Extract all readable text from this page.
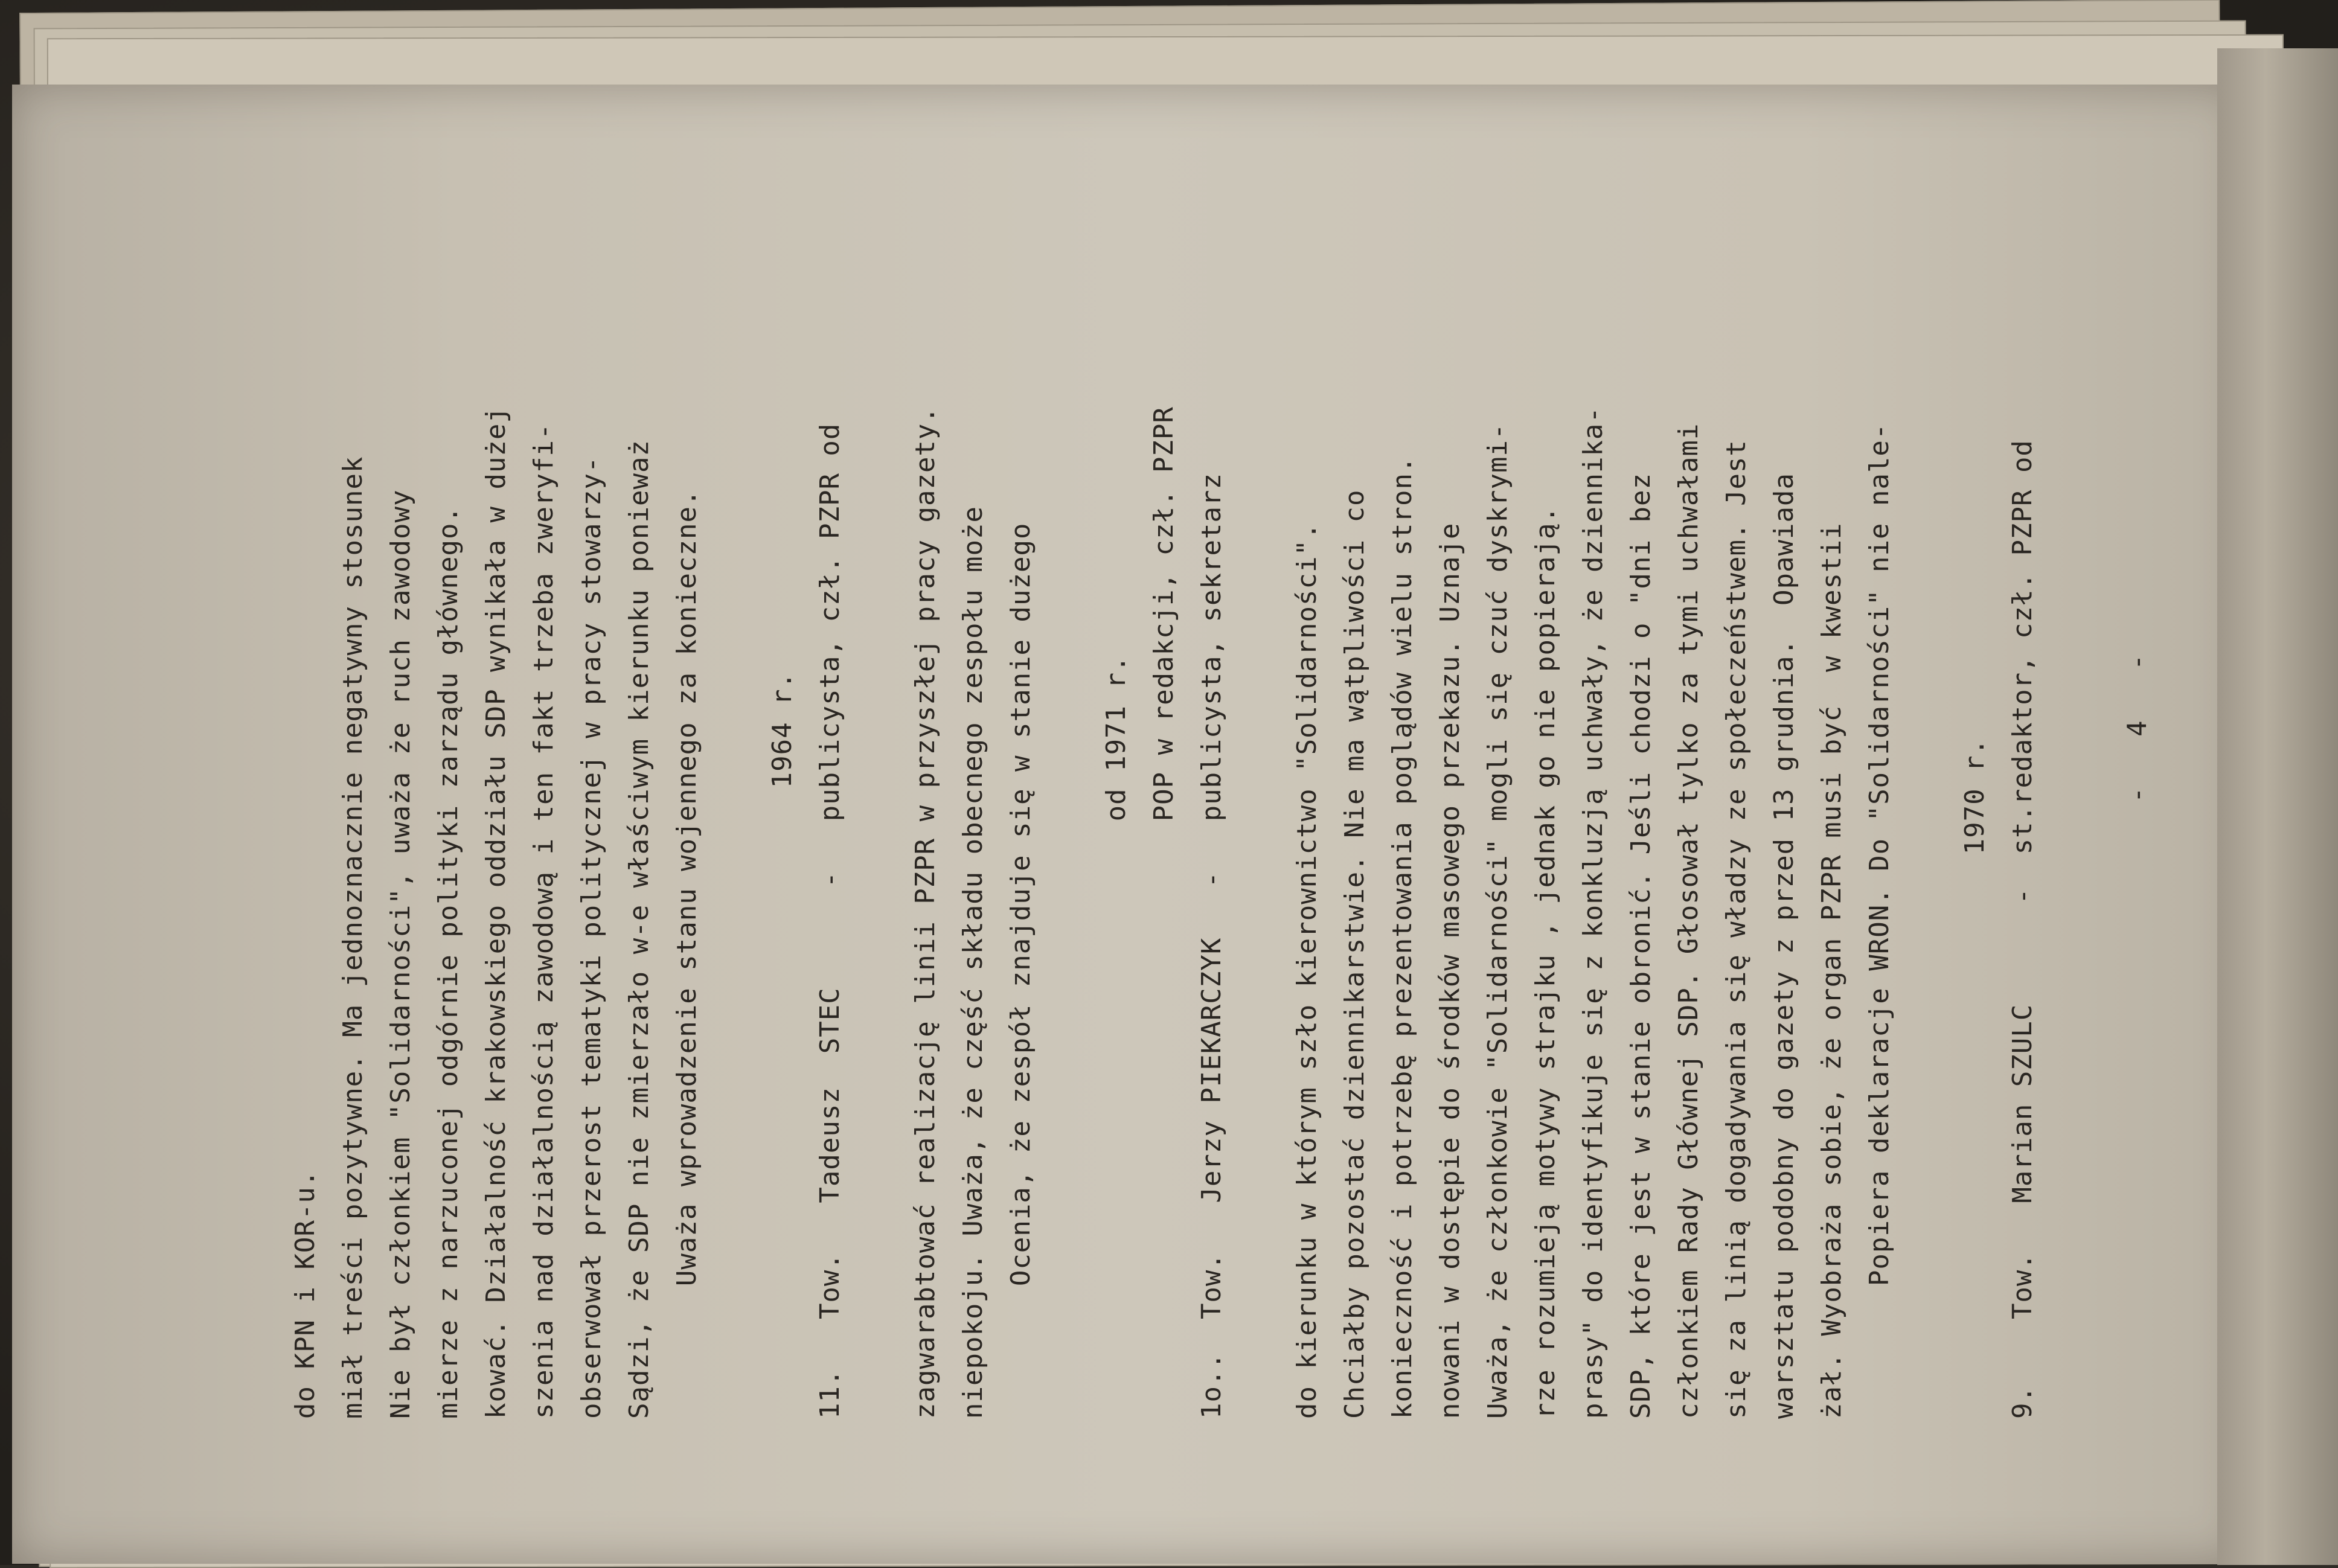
-   4   -
9.    Tow.   Marian SZULC      -  st.redaktor, czł. PZPR od
1970 r.
Popiera deklaracje WRON. Do "Solidarności" nie nale-
żał. Wyobraża sobie, że organ PZPR musi być  w kwestii
warsztatu podobny do gazety z przed 13 grudnia.  Opawiada
się za linią dogadywania się władzy ze społeczeństwem. Jest
członkiem Rady Głównej SDP. Głosował tylko za tymi uchwałami
SDP, które jest w stanie obronić. Jeśli chodzi o "dni bez
prasy" do identyfikuje się z konkluzją uchwały, że dziennika-
rze rozumieją motywy strajku , jednak go nie popierają.
Uważa, że członkowie "Solidarności" mogli się czuć dyskrymi-
nowani w dostępie do środków masowego przekazu. Uznaje
konieczność i potrzebę prezentowania poglądów wielu stron.
Chciałby pozostać dziennikarstwie. Nie ma wątpliwości co
do kierunku w którym szło kierownictwo "Solidarności".
1o..  Tow.   Jerzy PIEKARCZYK   -   publicysta, sekretarz
POP w redakcji, czł. PZPR
od 1971 r.
Ocenia, że zespół znajduje się w stanie dużego
niepokoju. Uważa, że część składu obecnego zespołu może
zagwarabtować realizację linii PZPR w przyszłej pracy gazety.
11.   Tow.   Tadeusz  STEC      -   publicysta, czł. PZPR od
1964 r.
Uważa wprowadzenie stanu wojennego za konieczne.
Sądzi, że SDP nie zmierzało w-e właściwym kierunku ponieważ
obserwował przerost tematyki politycznej w pracy stowarzy-
szenia nad działalnością zawodową i ten fakt trzeba zweryfi-
kować. Działalność krakowskiego oddziału SDP wynikała w dużej
mierze z narzuconej odgórnie polityki zarządu głównego.
Nie był członkiem "Solidarności", uważa że ruch zawodowy
miał treści pozytywne. Ma jednoznacznie negatywny stosunek
do KPN i KOR-u.
